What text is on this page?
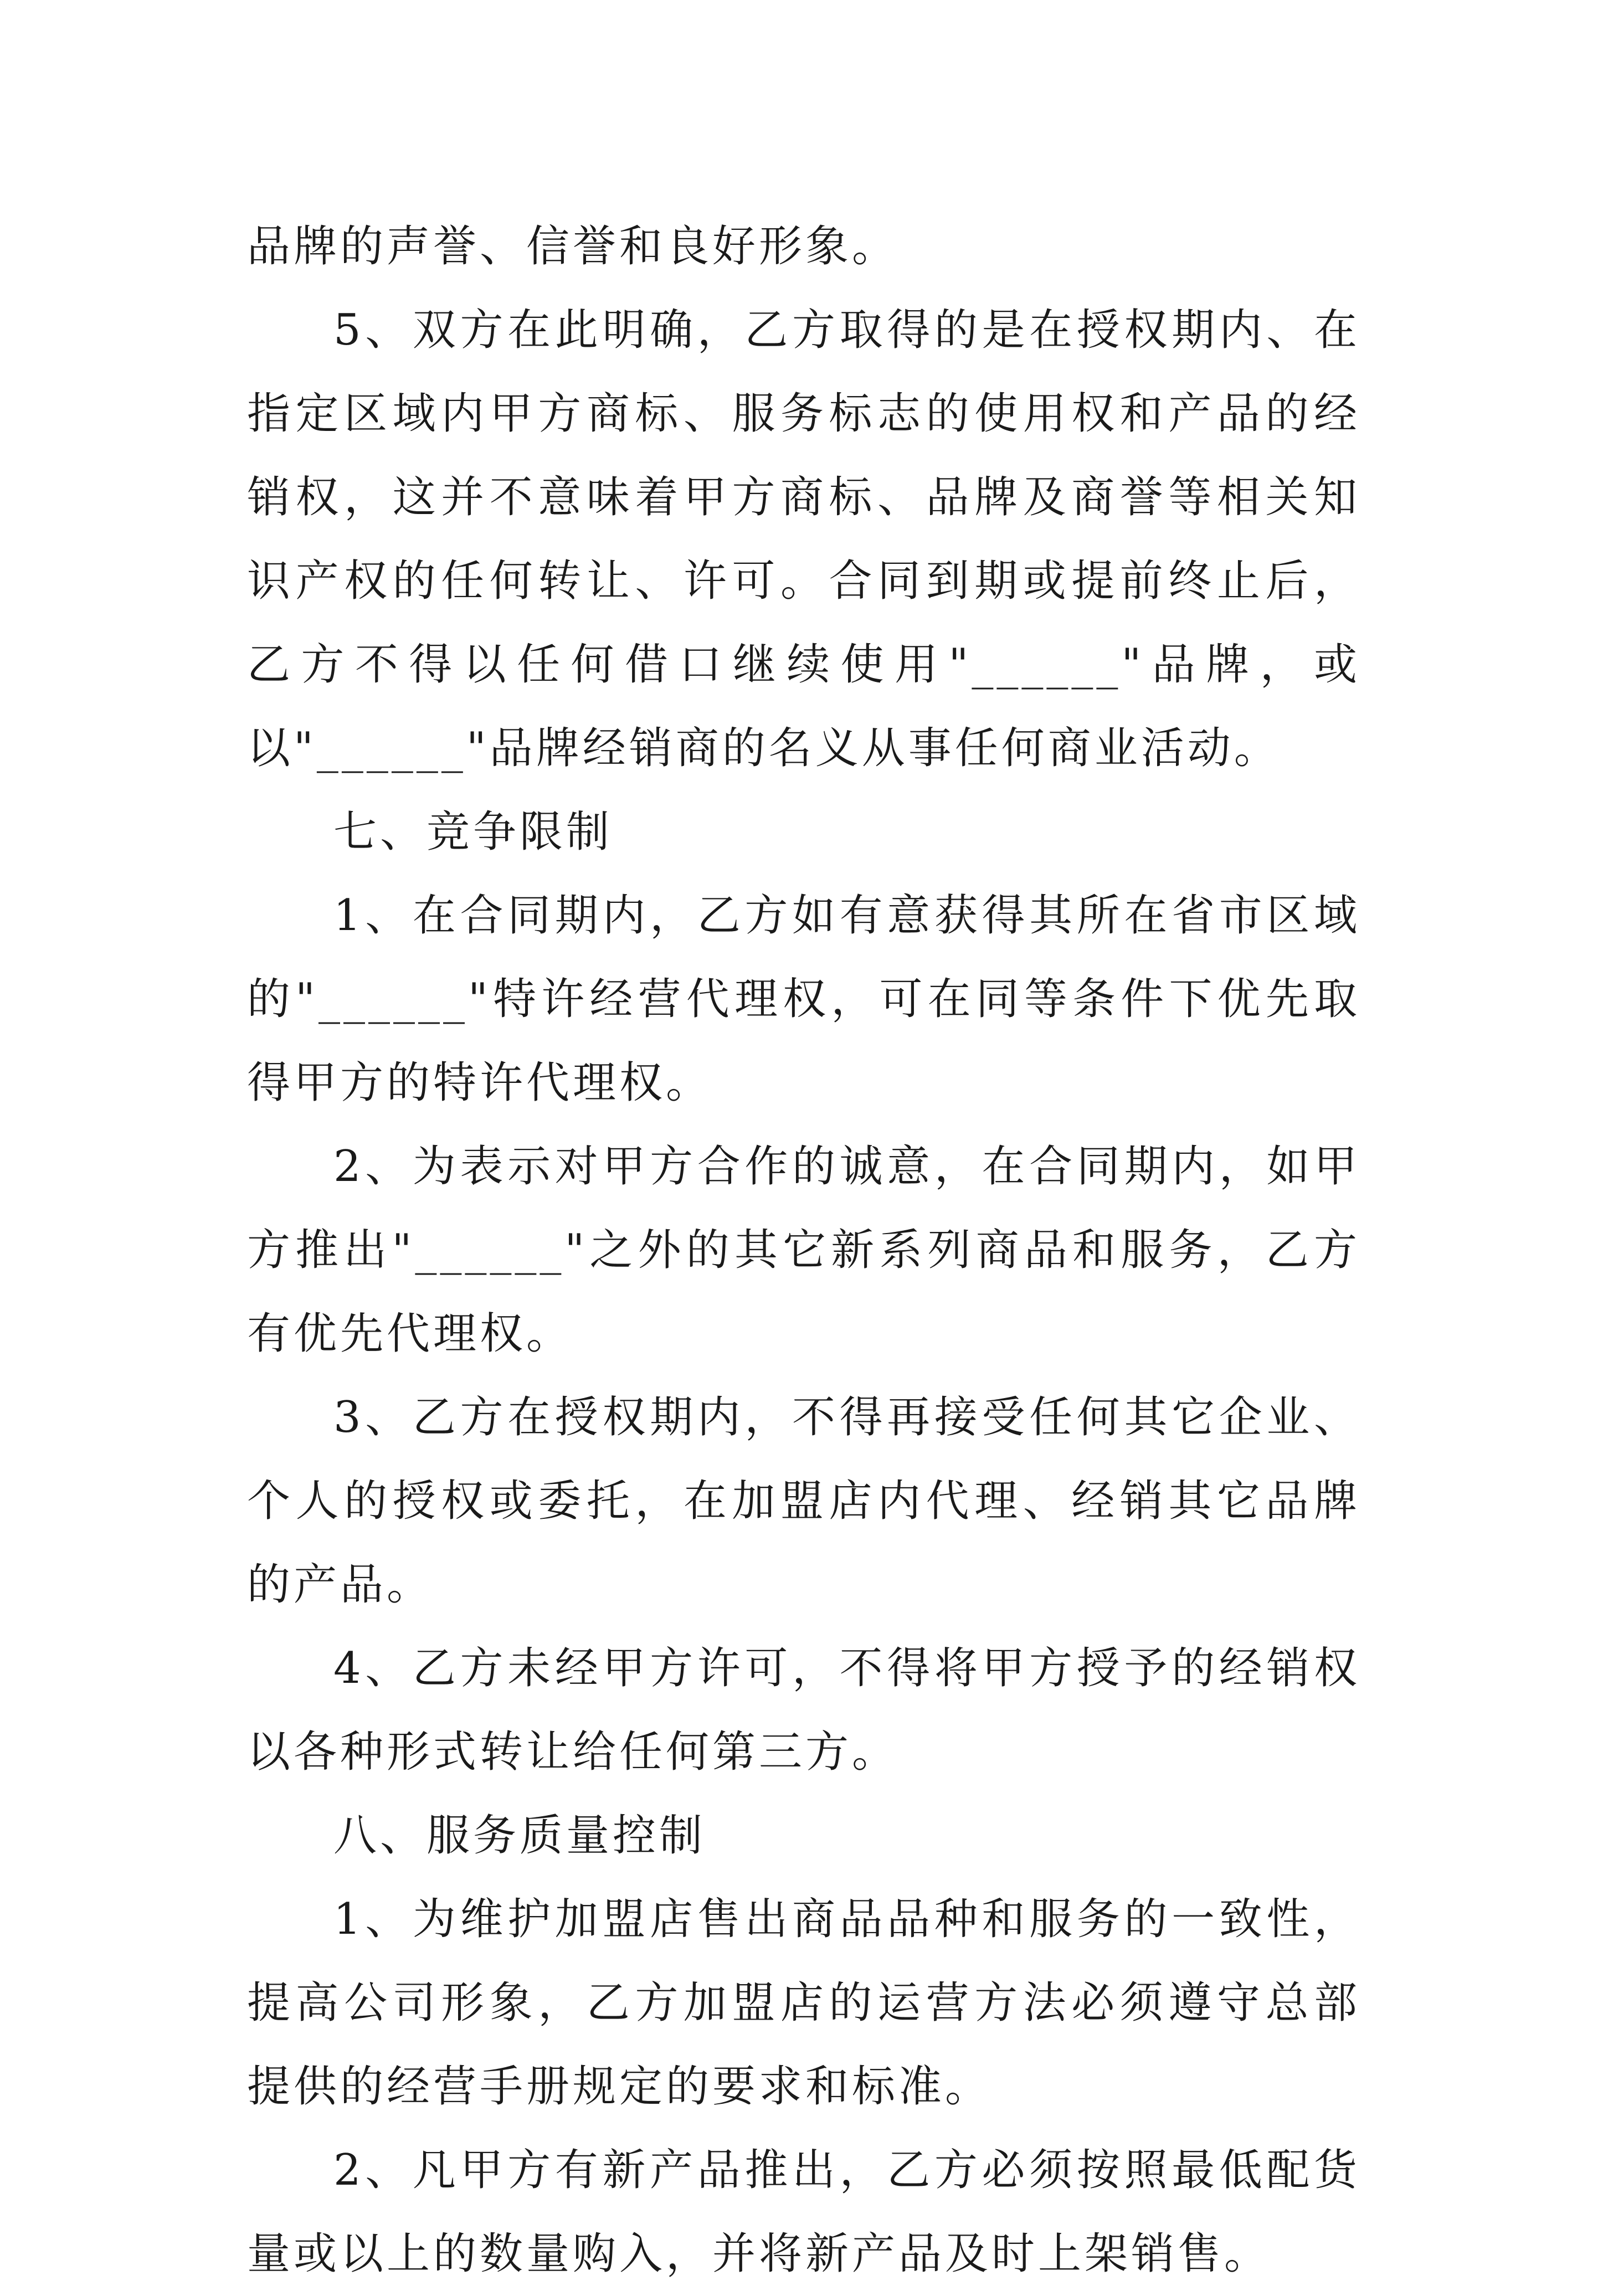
品牌的声誉、信誉和良好形象。

5、双方在此明确，乙方取得的是在授权期内、在指定区域内甲方商标、服务标志的使用权和产品的经销权，这并不意味着甲方商标、品牌及商誉等相关知识产权的任何转让、许可。合同到期或提前终止后，乙方不得以任何借口继续使用"______"品牌，或以"______"品牌经销商的名义从事任何商业活动。

七、竞争限制

1、在合同期内，乙方如有意获得其所在省市区域的"______"特许经营代理权，可在同等条件下优先取得甲方的特许代理权。

2、为表示对甲方合作的诚意，在合同期内，如甲方推出"______"之外的其它新系列商品和服务，乙方有优先代理权。

3、乙方在授权期内，不得再接受任何其它企业、个人的授权或委托，在加盟店内代理、经销其它品牌的产品。

4、乙方未经甲方许可，不得将甲方授予的经销权以各种形式转让给任何第三方。

八、服务质量控制

1、为维护加盟店售出商品品种和服务的一致性，提高公司形象，乙方加盟店的运营方法必须遵守总部提供的经营手册规定的要求和标准。

2、凡甲方有新产品推出，乙方必须按照最低配货量或以上的数量购入，并将新产品及时上架销售。
